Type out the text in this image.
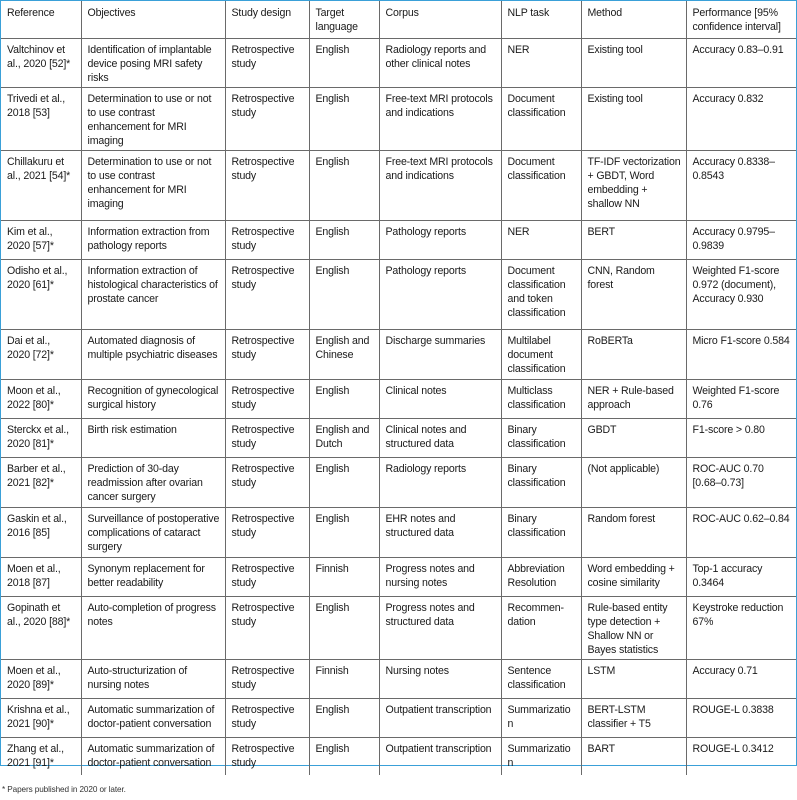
Reference	Objectives	Study design	Target language	Corpus	NLP task	Method	Performance [95% confidence interval]
Valtchinov et al., 2020 [52]*	Identification of implantable device posing MRI safety risks	Retrospective study	English	Radiology reports and other clinical notes	NER	Existing tool	Accuracy 0.83–0.91
Trivedi et al., 2018 [53]	Determination to use or not to use contrast enhancement for MRI imaging	Retrospective study	English	Free-text MRI protocols and indications	Document classification	Existing tool	Accuracy 0.832
Chillakuru et al., 2021 [54]*	Determination to use or not to use contrast enhancement for MRI imaging	Retrospective study	English	Free-text MRI protocols and indications	Document classification	TF-IDF vectorization + GBDT, Word embedding + shallow NN	Accuracy 0.8338–0.8543
Kim et al., 2020 [57]*	Information extraction from pathology reports	Retrospective study	English	Pathology reports	NER	BERT	Accuracy 0.9795–0.9839
Odisho et al., 2020 [61]*	Information extraction of histological characteristics of prostate cancer	Retrospective study	English	Pathology reports	Document classification and token classification	CNN, Random forest	Weighted F1-score 0.972 (document), Accuracy 0.930
Dai et al., 2020 [72]*	Automated diagnosis of multiple psychiatric diseases	Retrospective study	English and Chinese	Discharge summaries	Multilabel document classification	RoBERTa	Micro F1-score 0.584
Moon et al., 2022 [80]*	Recognition of gynecological surgical history	Retrospective study	English	Clinical notes	Multiclass classification	NER + Rule-based approach	Weighted F1-score 0.76
Sterckx et al., 2020 [81]*	Birth risk estimation	Retrospective study	English and Dutch	Clinical notes and structured data	Binary classification	GBDT	F1-score > 0.80
Barber et al., 2021 [82]*	Prediction of 30-day readmission after ovarian cancer surgery	Retrospective study	English	Radiology reports	Binary classification	(Not applicable)	ROC-AUC 0.70 [0.68–0.73]
Gaskin et al., 2016 [85]	Surveillance of postoperative complications of cataract surgery	Retrospective study	English	EHR notes and structured data	Binary classification	Random forest	ROC-AUC 0.62–0.84
Moen et al., 2018 [87]	Synonym replacement for better readability	Retrospective study	Finnish	Progress notes and nursing notes	Abbreviation Resolution	Word embedding + cosine similarity	Top-1 accuracy 0.3464
Gopinath et al., 2020 [88]*	Auto-completion of progress notes	Retrospective study	English	Progress notes and structured data	Recommen-dation	Rule-based entity type detection + Shallow NN or Bayes statistics	Keystroke reduction 67%
Moen et al., 2020 [89]*	Auto-structurization of nursing notes	Retrospective study	Finnish	Nursing notes	Sentence classification	LSTM	Accuracy 0.71
Krishna et al., 2021 [90]*	Automatic summarization of doctor-patient conversation	Retrospective study	English	Outpatient transcription	Summarization	BERT-LSTM classifier + T5	ROUGE-L 0.3838
Zhang et al., 2021 [91]*	Automatic summarization of doctor-patient conversation	Retrospective study	English	Outpatient transcription	Summarization	BART	ROUGE-L 0.3412
* Papers published in 2020 or later.
